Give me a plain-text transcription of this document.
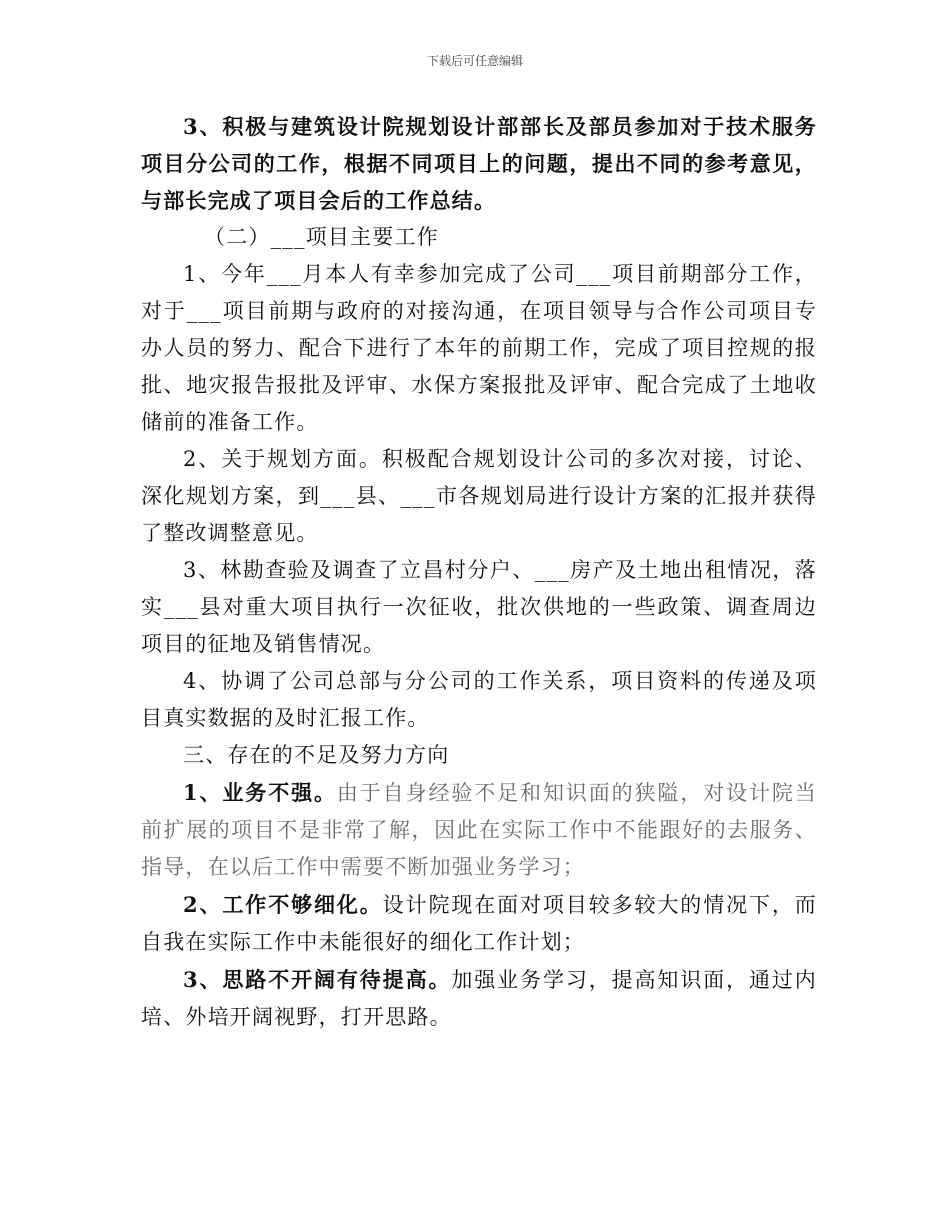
下载后可任意编辑

3、积极与建筑设计院规划设计部部长及部员参加对于技术服务项目分公司的工作，根据不同项目上的问题，提出不同的参考意见，与部长完成了项目会后的工作总结。

（二）___项目主要工作

1、今年___月本人有幸参加完成了公司___项目前期部分工作，对于___项目前期与政府的对接沟通，在项目领导与合作公司项目专办人员的努力、配合下进行了本年的前期工作，完成了项目控规的报批、地灾报告报批及评审、水保方案报批及评审、配合完成了土地收储前的准备工作。

2、关于规划方面。积极配合规划设计公司的多次对接，讨论、深化规划方案，到___县、___市各规划局进行设计方案的汇报并获得了整改调整意见。

3、林勘查验及调查了立昌村分户、___房产及土地出租情况，落实___县对重大项目执行一次征收，批次供地的一些政策、调查周边项目的征地及销售情况。

4、协调了公司总部与分公司的工作关系，项目资料的传递及项目真实数据的及时汇报工作。

三、存在的不足及努力方向

1、业务不强。由于自身经验不足和知识面的狭隘，对设计院当前扩展的项目不是非常了解，因此在实际工作中不能跟好的去服务、指导，在以后工作中需要不断加强业务学习；

2、工作不够细化。设计院现在面对项目较多较大的情况下，而自我在实际工作中未能很好的细化工作计划；

3、思路不开阔有待提高。加强业务学习，提高知识面，通过内培、外培开阔视野，打开思路。
